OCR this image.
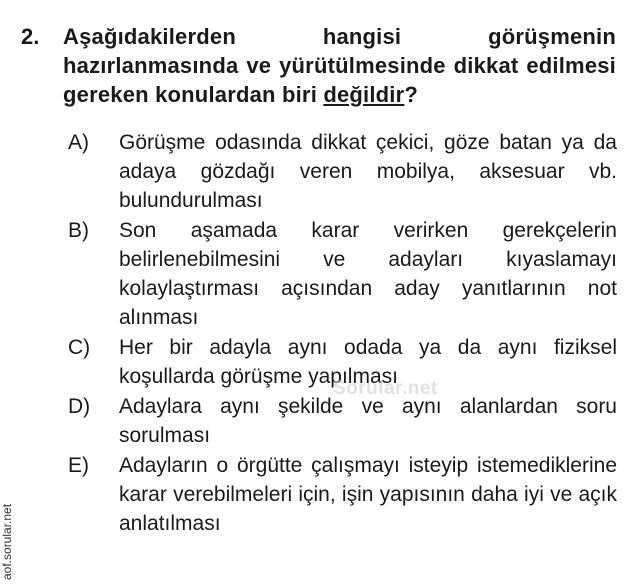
2. Aşağıdakilerden hangisi görüşmenin hazırlanmasında ve yürütülmesinde dikkat edilmesi gereken konulardan biri değildir?
A) Görüşme odasında dikkat çekici, göze batan ya da adaya gözdağı veren mobilya, aksesuar vb. bulundurulması
B) Son aşamada karar verirken gerekçelerin belirlenebilmesini ve adayları kıyaslamayı kolaylaştırması açısından aday yanıtlarının not alınması
C) Her bir adayla aynı odada ya da aynı fiziksel koşullarda görüşme yapılması
D) Adaylara aynı şekilde ve aynı alanlardan soru sorulması
E) Adayların o örgütte çalışmayı isteyip istemediklerine karar verebilmeleri için, işin yapısının daha iyi ve açık anlatılması
Sorular.net
aof.sorular.net
